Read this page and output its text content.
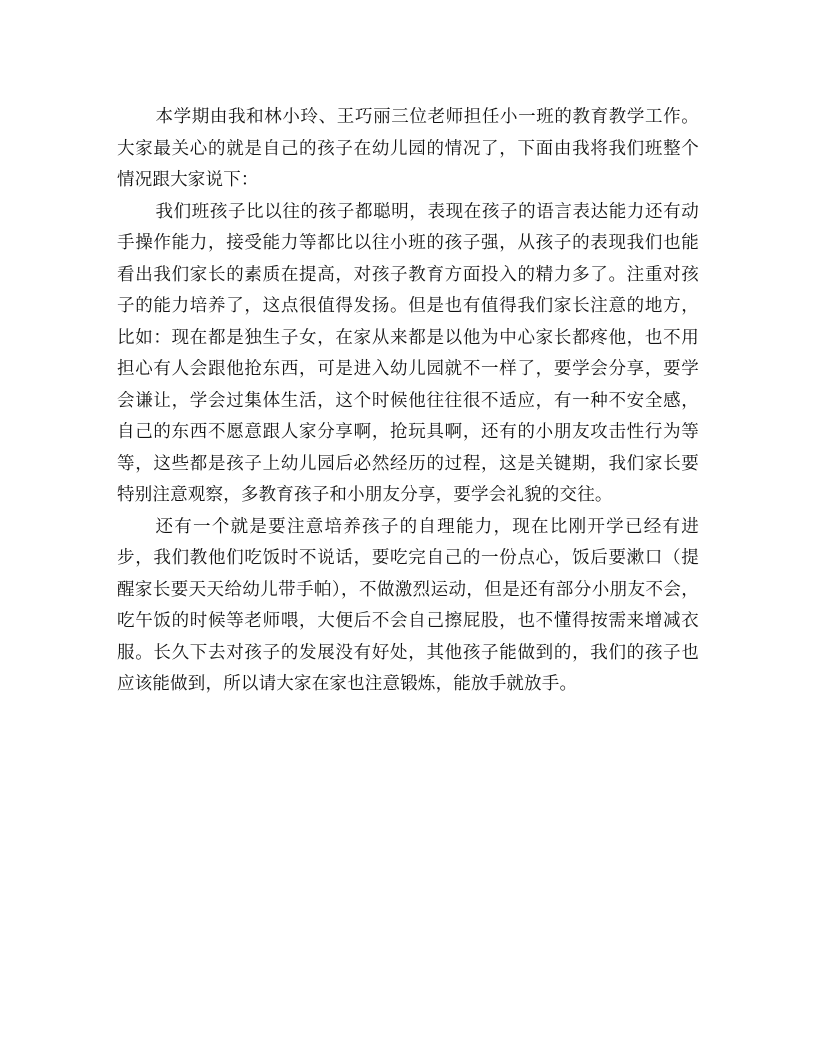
本学期由我和林小玲、王巧丽三位老师担任小一班的教育教学工作。大家最关心的就是自己的孩子在幼儿园的情况了，下面由我将我们班整个情况跟大家说下：

我们班孩子比以往的孩子都聪明，表现在孩子的语言表达能力还有动手操作能力，接受能力等都比以往小班的孩子强，从孩子的表现我们也能看出我们家长的素质在提高，对孩子教育方面投入的精力多了。注重对孩子的能力培养了，这点很值得发扬。但是也有值得我们家长注意的地方，比如：现在都是独生子女，在家从来都是以他为中心家长都疼他，也不用担心有人会跟他抢东西，可是进入幼儿园就不一样了，要学会分享，要学会谦让，学会过集体生活，这个时候他往往很不适应，有一种不安全感，自己的东西不愿意跟人家分享啊，抢玩具啊，还有的小朋友攻击性行为等等，这些都是孩子上幼儿园后必然经历的过程，这是关键期，我们家长要特别注意观察，多教育孩子和小朋友分享，要学会礼貌的交往。

还有一个就是要注意培养孩子的自理能力，现在比刚开学已经有进步，我们教他们吃饭时不说话，要吃完自己的一份点心，饭后要漱口（提醒家长要天天给幼儿带手帕），不做激烈运动，但是还有部分小朋友不会，吃午饭的时候等老师喂，大便后不会自己擦屁股，也不懂得按需来增减衣服。长久下去对孩子的发展没有好处，其他孩子能做到的，我们的孩子也应该能做到，所以请大家在家也注意锻炼，能放手就放手。
